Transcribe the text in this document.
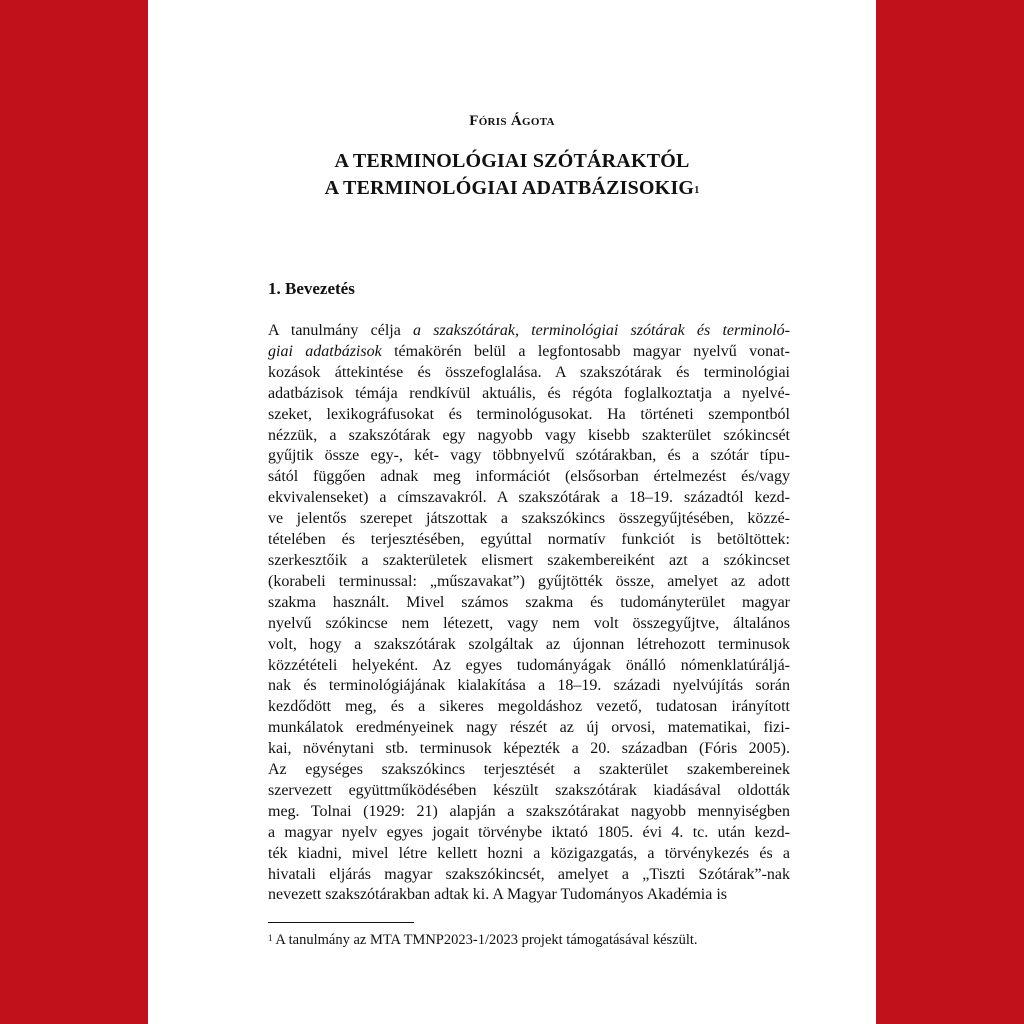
Fóris Ágota
A TERMINOLÓGIAI SZÓTÁRAKTÓL
A TERMINOLÓGIAI ADATBÁZISOKIG$^1$
1. Bevezetés
A tanulmány célja a szakszótárak, terminológiai szótárak és terminoló-
giai adatbázisok témakörén belül a legfontosabb magyar nyelvű vonat-
kozások áttekintése és összefoglalása. A szakszótárak és terminológiai
adatbázisok témája rendkívül aktuális, és régóta foglalkoztatja a nyelvé-
szeket, lexikográfusokat és terminológusokat. Ha történeti szempontból
nézzük, a szakszótárak egy nagyobb vagy kisebb szakterület szókincsét
gyűjtik össze egy-, két- vagy többnyelvű szótárakban, és a szótár típu-
sától függően adnak meg információt (elsősorban értelmezést és/vagy
ekvivalenseket) a címszavakról. A szakszótárak a 18–19. századtól kezd-
ve jelentős szerepet játszottak a szakszókincs összegyűjtésében, közzé-
tételében és terjesztésében, egyúttal normatív funkciót is betöltöttek:
szerkesztőik a szakterületek elismert szakembereiként azt a szókincset
(korabeli terminussal: „műszavakat”) gyűjtötték össze, amelyet az adott
szakma használt. Mivel számos szakma és tudományterület magyar
nyelvű szókincse nem létezett, vagy nem volt összegyűjtve, általános
volt, hogy a szakszótárak szolgáltak az újonnan létrehozott terminusok
közzétételi helyeként. Az egyes tudományágak önálló nómenklatúráljá-
nak és terminológiájának kialakítása a 18–19. századi nyelvújítás során
kezdődött meg, és a sikeres megoldáshoz vezető, tudatosan irányított
munkálatok eredményeinek nagy részét az új orvosi, matematikai, fizi-
kai, növénytani stb. terminusok képezték a 20. században (Fóris 2005).
Az egységes szakszókincs terjesztését a szakterület szakembereinek
szervezett együttműködésében készült szakszótárak kiadásával oldották
meg. Tolnai (1929: 21) alapján a szakszótárakat nagyobb mennyiségben
a magyar nyelv egyes jogait törvénybe iktató 1805. évi 4. tc. után kezd-
ték kiadni, mivel létre kellett hozni a közigazgatás, a törvénykezés és a
hivatali eljárás magyar szakszókincsét, amelyet a „Tiszti Szótárak”-nak
nevezett szakszótárakban adtak ki. A Magyar Tudományos Akadémia is
$^1$ A tanulmány az MTA TMNP2023-1/2023 projekt támogatásával készült.
